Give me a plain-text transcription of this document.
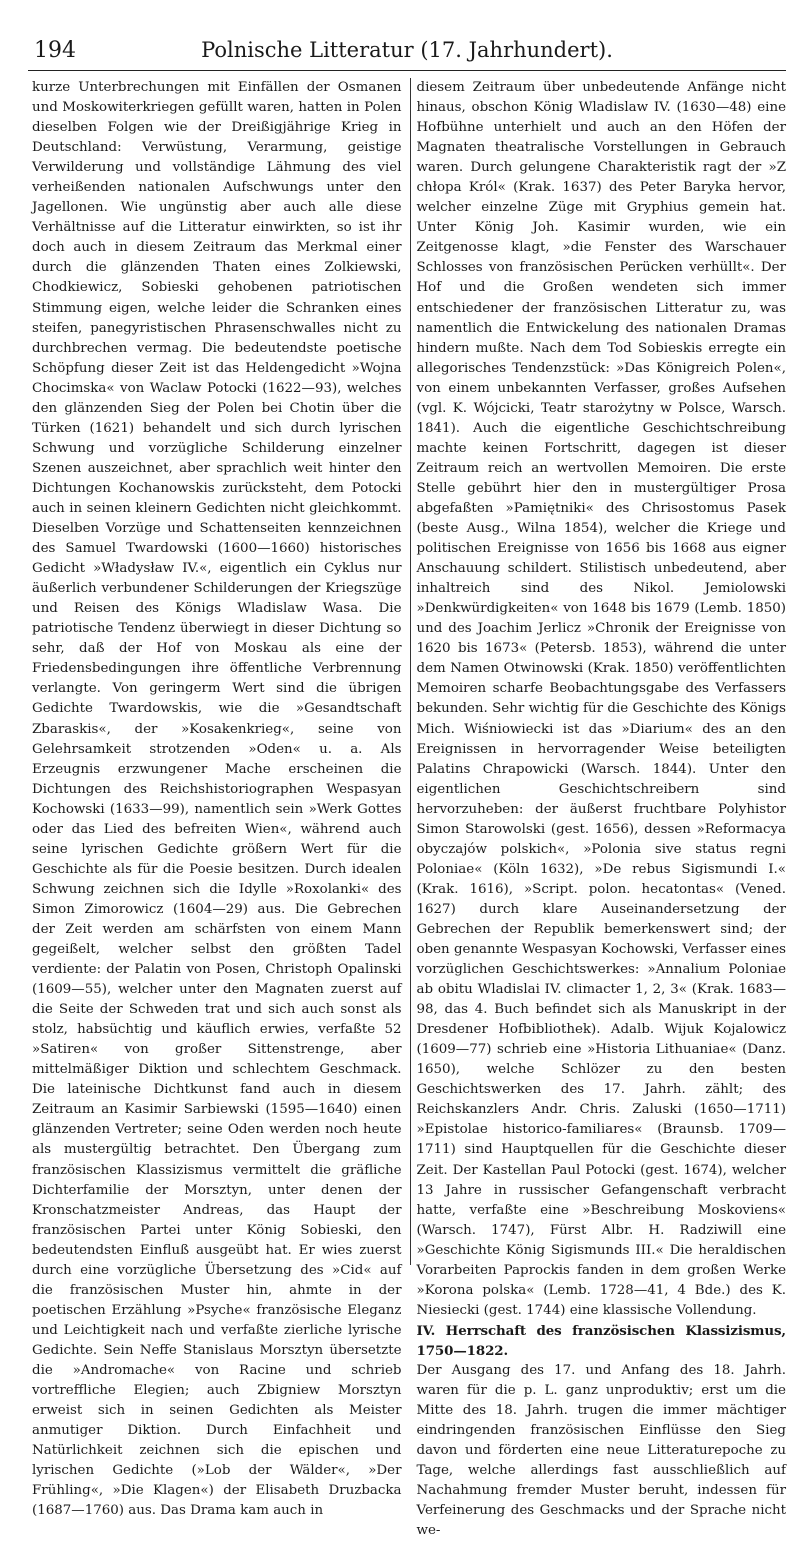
194	Polnische Litteratur (17. Jahrhundert).

kurze Unterbrechungen mit Einfällen der Osmanen und Moskowiterkriegen gefüllt waren, hatten in Polen dieselben Folgen wie der Dreißigjährige Krieg in Deutschland: Verwüstung, Verarmung, geistige Verwilderung und vollständige Lähmung des viel verheißenden nationalen Aufschwungs unter den Jagellonen. Wie ungünstig aber auch alle diese Verhältnisse auf die Litteratur einwirkten, so ist ihr doch auch in diesem Zeitraum das Merkmal einer durch die glänzenden Thaten eines Zolkiewski, Chodkiewicz, Sobieski gehobenen patriotischen Stimmung eigen, welche leider die Schranken eines steifen, panegyristischen Phrasenschwalles nicht zu durchbrechen vermag. Die bedeutendste poetische Schöpfung dieser Zeit ist das Heldengedicht »Wojna Chocimska« von Waclaw Potocki (1622—93), welches den glänzenden Sieg der Polen bei Chotin über die Türken (1621) behandelt und sich durch lyrischen Schwung und vorzügliche Schilderung einzelner Szenen auszeichnet, aber sprachlich weit hinter den Dichtungen Kochanowskis zurücksteht, dem Potocki auch in seinen kleinern Gedichten nicht gleichkommt. Dieselben Vorzüge und Schattenseiten kennzeichnen des Samuel Twardowski (1600—1660) historisches Gedicht »Władysław IV.«, eigentlich ein Cyklus nur äußerlich verbundener Schilderungen der Kriegszüge und Reisen des Königs Wladislaw Wasa. Die patriotische Tendenz überwiegt in dieser Dichtung so sehr, daß der Hof von Moskau als eine der Friedensbedingungen ihre öffentliche Verbrennung verlangte. Von geringerm Wert sind die übrigen Gedichte Twardowskis, wie die »Gesandtschaft Zbaraskis«, der »Kosakenkrieg«, seine von Gelehrsamkeit strotzenden »Oden« u. a. Als Erzeugnis erzwungener Mache erscheinen die Dichtungen des Reichshistoriographen Wespasyan Kochowski (1633—99), namentlich sein »Werk Gottes oder das Lied des befreiten Wien«, während auch seine lyrischen Gedichte größern Wert für die Geschichte als für die Poesie besitzen. Durch idealen Schwung zeichnen sich die Idylle »Roxolanki« des Simon Zimorowicz (1604—29) aus. Die Gebrechen der Zeit werden am schärfsten von einem Mann gegeißelt, welcher selbst den größten Tadel verdiente: der Palatin von Posen, Christoph Opalinski (1609—55), welcher unter den Magnaten zuerst auf die Seite der Schweden trat und sich auch sonst als stolz, habsüchtig und käuflich erwies, verfaßte 52 »Satiren« von großer Sittenstrenge, aber mittelmäßiger Diktion und schlechtem Geschmack. Die lateinische Dichtkunst fand auch in diesem Zeitraum an Kasimir Sarbiewski (1595—1640) einen glänzenden Vertreter; seine Oden werden noch heute als mustergültig betrachtet. Den Übergang zum französischen Klassizismus vermittelt die gräfliche Dichterfamilie der Morsztyn, unter denen der Kronschatzmeister Andreas, das Haupt der französischen Partei unter König Sobieski, den bedeutendsten Einfluß ausgeübt hat. Er wies zuerst durch eine vorzügliche Übersetzung des »Cid« auf die französischen Muster hin, ahmte in der poetischen Erzählung »Psyche« französische Eleganz und Leichtigkeit nach und verfaßte zierliche lyrische Gedichte. Sein Neffe Stanislaus Morsztyn übersetzte die »Andromache« von Racine und schrieb vortreffliche Elegien; auch Zbigniew Morsztyn erweist sich in seinen Gedichten als Meister anmutiger Diktion. Durch Einfachheit und Natürlichkeit zeichnen sich die epischen und lyrischen Gedichte (»Lob der Wälder«, »Der Frühling«, »Die Klagen«) der Elisabeth Druzbacka (1687—1760) aus. Das Drama kam auch in

diesem Zeitraum über unbedeutende Anfänge nicht hinaus, obschon König Wladislaw IV. (1630—48) eine Hofbühne unterhielt und auch an den Höfen der Magnaten theatralische Vorstellungen in Gebrauch waren. Durch gelungene Charakteristik ragt der »Z chłopa Król« (Krak. 1637) des Peter Baryka hervor, welcher einzelne Züge mit Gryphius gemein hat. Unter König Joh. Kasimir wurden, wie ein Zeitgenosse klagt, »die Fenster des Warschauer Schlosses von französischen Perücken verhüllt«. Der Hof und die Großen wendeten sich immer entschiedener der französischen Litteratur zu, was namentlich die Entwickelung des nationalen Dramas hindern mußte. Nach dem Tod Sobieskis erregte ein allegorisches Tendenzstück: »Das Königreich Polen«, von einem unbekannten Verfasser, großes Aufsehen (vgl. K. Wójcicki, Teatr starożytny w Polsce, Warsch. 1841). Auch die eigentliche Geschichtschreibung machte keinen Fortschritt, dagegen ist dieser Zeitraum reich an wertvollen Memoiren. Die erste Stelle gebührt hier den in mustergültiger Prosa abgefaßten »Pamiętniki« des Chrisostomus Pasek (beste Ausg., Wilna 1854), welcher die Kriege und politischen Ereignisse von 1656 bis 1668 aus eigner Anschauung schildert. Stilistisch unbedeutend, aber inhaltreich sind des Nikol. Jemiolowski »Denkwürdigkeiten« von 1648 bis 1679 (Lemb. 1850) und des Joachim Jerlicz »Chronik der Ereignisse von 1620 bis 1673« (Petersb. 1853), während die unter dem Namen Otwinowski (Krak. 1850) veröffentlichten Memoiren scharfe Beobachtungsgabe des Verfassers bekunden. Sehr wichtig für die Geschichte des Königs Mich. Wiśniowiecki ist das »Diarium« des an den Ereignissen in hervorragender Weise beteiligten Palatins Chrapowicki (Warsch. 1844). Unter den eigentlichen Geschichtschreibern sind hervorzuheben: der äußerst fruchtbare Polyhistor Simon Starowolski (gest. 1656), dessen »Reformacya obyczajów polskich«, »Polonia sive status regni Poloniae« (Köln 1632), »De rebus Sigismundi I.« (Krak. 1616), »Script. polon. hecatontas« (Vened. 1627) durch klare Auseinandersetzung der Gebrechen der Republik bemerkenswert sind; der oben genannte Wespasyan Kochowski, Verfasser eines vorzüglichen Geschichtswerkes: »Annalium Poloniae ab obitu Wladislai IV. climacter 1, 2, 3« (Krak. 1683—98, das 4. Buch befindet sich als Manuskript in der Dresdener Hofbibliothek). Adalb. Wijuk Kojalowicz (1609—77) schrieb eine »Historia Lithuaniae« (Danz. 1650), welche Schlözer zu den besten Geschichtswerken des 17. Jahrh. zählt; des Reichskanzlers Andr. Chris. Zaluski (1650—1711) »Epistolae historico-familiares« (Braunsb. 1709—1711) sind Hauptquellen für die Geschichte dieser Zeit. Der Kastellan Paul Potocki (gest. 1674), welcher 13 Jahre in russischer Gefangenschaft verbracht hatte, verfaßte eine »Beschreibung Moskoviens« (Warsch. 1747), Fürst Albr. H. Radziwill eine »Geschichte König Sigismunds III.« Die heraldischen Vorarbeiten Paprockis fanden in dem großen Werke »Korona polska« (Lemb. 1728—41, 4 Bde.) des K. Niesiecki (gest. 1744) eine klassische Vollendung.

IV. Herrschaft des französischen Klassizismus, 1750—1822.

Der Ausgang des 17. und Anfang des 18. Jahrh. waren für die p. L. ganz unproduktiv; erst um die Mitte des 18. Jahrh. trugen die immer mächtiger eindringenden französischen Einflüsse den Sieg davon und förderten eine neue Litteraturepoche zu Tage, welche allerdings fast ausschließlich auf Nachahmung fremder Muster beruht, indessen für Verfeinerung des Geschmacks und der Sprache nicht we-
